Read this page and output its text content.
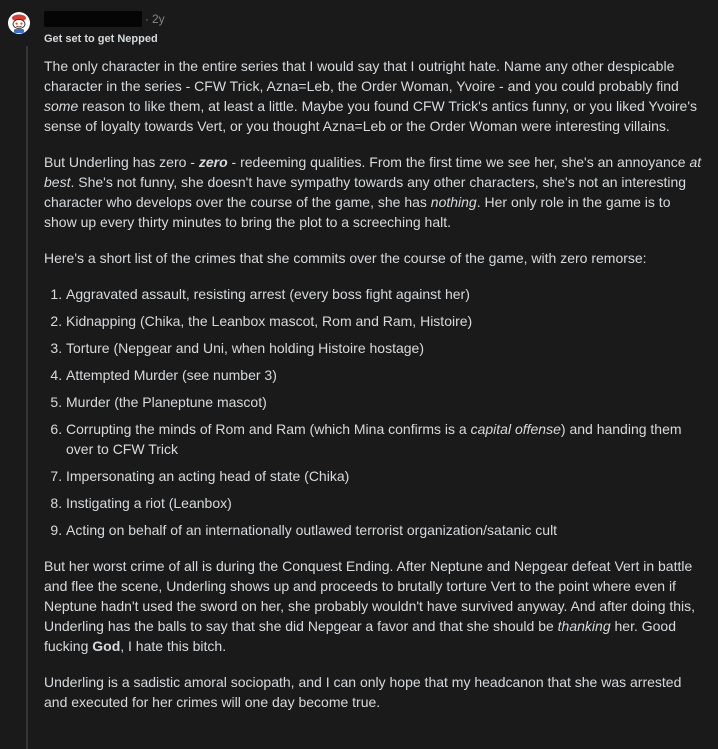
· 2y
Get set to get Nepped

The only character in the entire series that I would say that I outright hate. Name any other despicable character in the series - CFW Trick, Azna=Leb, the Order Woman, Yvoire - and you could probably find some reason to like them, at least a little. Maybe you found CFW Trick's antics funny, or you liked Yvoire's sense of loyalty towards Vert, or you thought Azna=Leb or the Order Woman were interesting villains.

But Underling has zero - zero - redeeming qualities. From the first time we see her, she's an annoyance at best. She's not funny, she doesn't have sympathy towards any other characters, she's not an interesting character who develops over the course of the game, she has nothing. Her only role in the game is to show up every thirty minutes to bring the plot to a screeching halt.

Here's a short list of the crimes that she commits over the course of the game, with zero remorse:

1. Aggravated assault, resisting arrest (every boss fight against her)
2. Kidnapping (Chika, the Leanbox mascot, Rom and Ram, Histoire)
3. Torture (Nepgear and Uni, when holding Histoire hostage)
4. Attempted Murder (see number 3)
5. Murder (the Planeptune mascot)
6. Corrupting the minds of Rom and Ram (which Mina confirms is a capital offense) and handing them over to CFW Trick
7. Impersonating an acting head of state (Chika)
8. Instigating a riot (Leanbox)
9. Acting on behalf of an internationally outlawed terrorist organization/satanic cult

But her worst crime of all is during the Conquest Ending. After Neptune and Nepgear defeat Vert in battle and flee the scene, Underling shows up and proceeds to brutally torture Vert to the point where even if Neptune hadn't used the sword on her, she probably wouldn't have survived anyway. And after doing this, Underling has the balls to say that she did Nepgear a favor and that she should be thanking her. Good fucking God, I hate this bitch.

Underling is a sadistic amoral sociopath, and I can only hope that my headcanon that she was arrested and executed for her crimes will one day become true.
